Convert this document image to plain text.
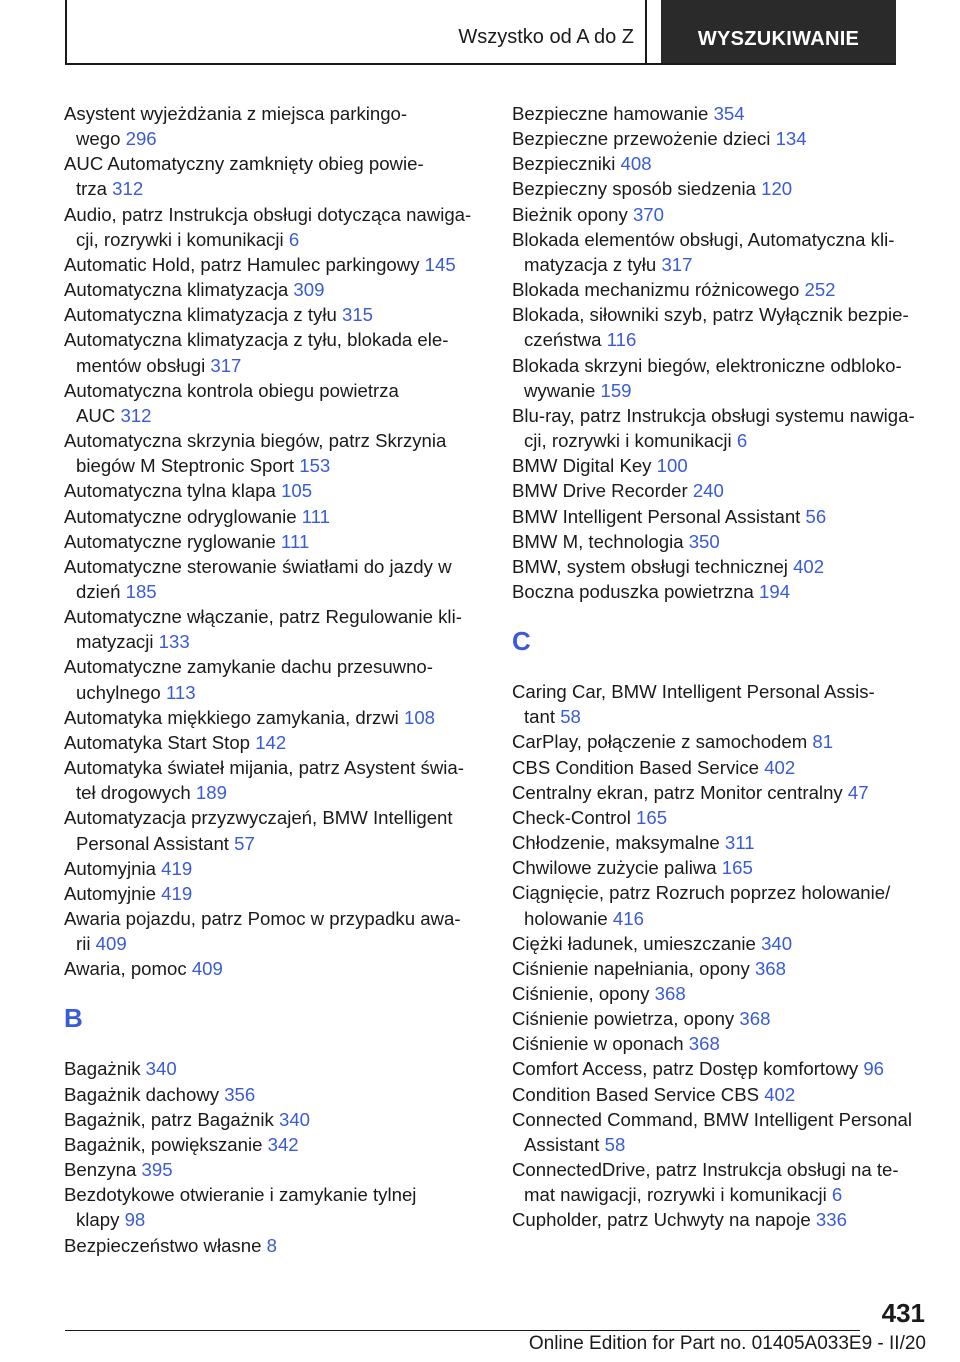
Wszystko od A do Z	WYSZUKIWANIE
Asystent wyjeżdżania z miejsca parkingo-
wego 296
AUC Automatyczny zamknięty obieg powie-
trza 312
Audio, patrz Instrukcja obsługi dotycząca nawiga-
cji, rozrywki i komunikacji 6
Automatic Hold, patrz Hamulec parkingowy 145
Automatyczna klimatyzacja 309
Automatyczna klimatyzacja z tyłu 315
Automatyczna klimatyzacja z tyłu, blokada ele-
mentów obsługi 317
Automatyczna kontrola obiegu powietrza
AUC 312
Automatyczna skrzynia biegów, patrz Skrzynia
biegów M Steptronic Sport 153
Automatyczna tylna klapa 105
Automatyczne odryglowanie 111
Automatyczne ryglowanie 111
Automatyczne sterowanie światłami do jazdy w
dzień 185
Automatyczne włączanie, patrz Regulowanie kli-
matyzacji 133
Automatyczne zamykanie dachu przesuwno-
uchylnego 113
Automatyka miękkiego zamykania, drzwi 108
Automatyka Start Stop 142
Automatyka świateł mijania, patrz Asystent świa-
teł drogowych 189
Automatyzacja przyzwyczajeń, BMW Intelligent
Personal Assistant 57
Automyjnia 419
Automyjnie 419
Awaria pojazdu, patrz Pomoc w przypadku awa-
rii 409
Awaria, pomoc 409
B
Bagażnik 340
Bagażnik dachowy 356
Bagażnik, patrz Bagażnik 340
Bagażnik, powiększanie 342
Benzyna 395
Bezdotykowe otwieranie i zamykanie tylnej
klapy 98
Bezpieczeństwo własne 8
Bezpieczne hamowanie 354
Bezpieczne przewożenie dzieci 134
Bezpieczniki 408
Bezpieczny sposób siedzenia 120
Bieżnik opony 370
Blokada elementów obsługi, Automatyczna kli-
matyzacja z tyłu 317
Blokada mechanizmu różnicowego 252
Blokada, siłowniki szyb, patrz Wyłącznik bezpie-
czeństwa 116
Blokada skrzyni biegów, elektroniczne odbloko-
wywanie 159
Blu-ray, patrz Instrukcja obsługi systemu nawiga-
cji, rozrywki i komunikacji 6
BMW Digital Key 100
BMW Drive Recorder 240
BMW Intelligent Personal Assistant 56
BMW M, technologia 350
BMW, system obsługi technicznej 402
Boczna poduszka powietrzna 194
C
Caring Car, BMW Intelligent Personal Assis-
tant 58
CarPlay, połączenie z samochodem 81
CBS Condition Based Service 402
Centralny ekran, patrz Monitor centralny 47
Check-Control 165
Chłodzenie, maksymalne 311
Chwilowe zużycie paliwa 165
Ciągnięcie, patrz Rozruch poprzez holowanie/
holowanie 416
Ciężki ładunek, umieszczanie 340
Ciśnienie napełniania, opony 368
Ciśnienie, opony 368
Ciśnienie powietrza, opony 368
Ciśnienie w oponach 368
Comfort Access, patrz Dostęp komfortowy 96
Condition Based Service CBS 402
Connected Command, BMW Intelligent Personal
Assistant 58
ConnectedDrive, patrz Instrukcja obsługi na te-
mat nawigacji, rozrywki i komunikacji 6
Cupholder, patrz Uchwyty na napoje 336
431
Online Edition for Part no. 01405A033E9 - II/20
